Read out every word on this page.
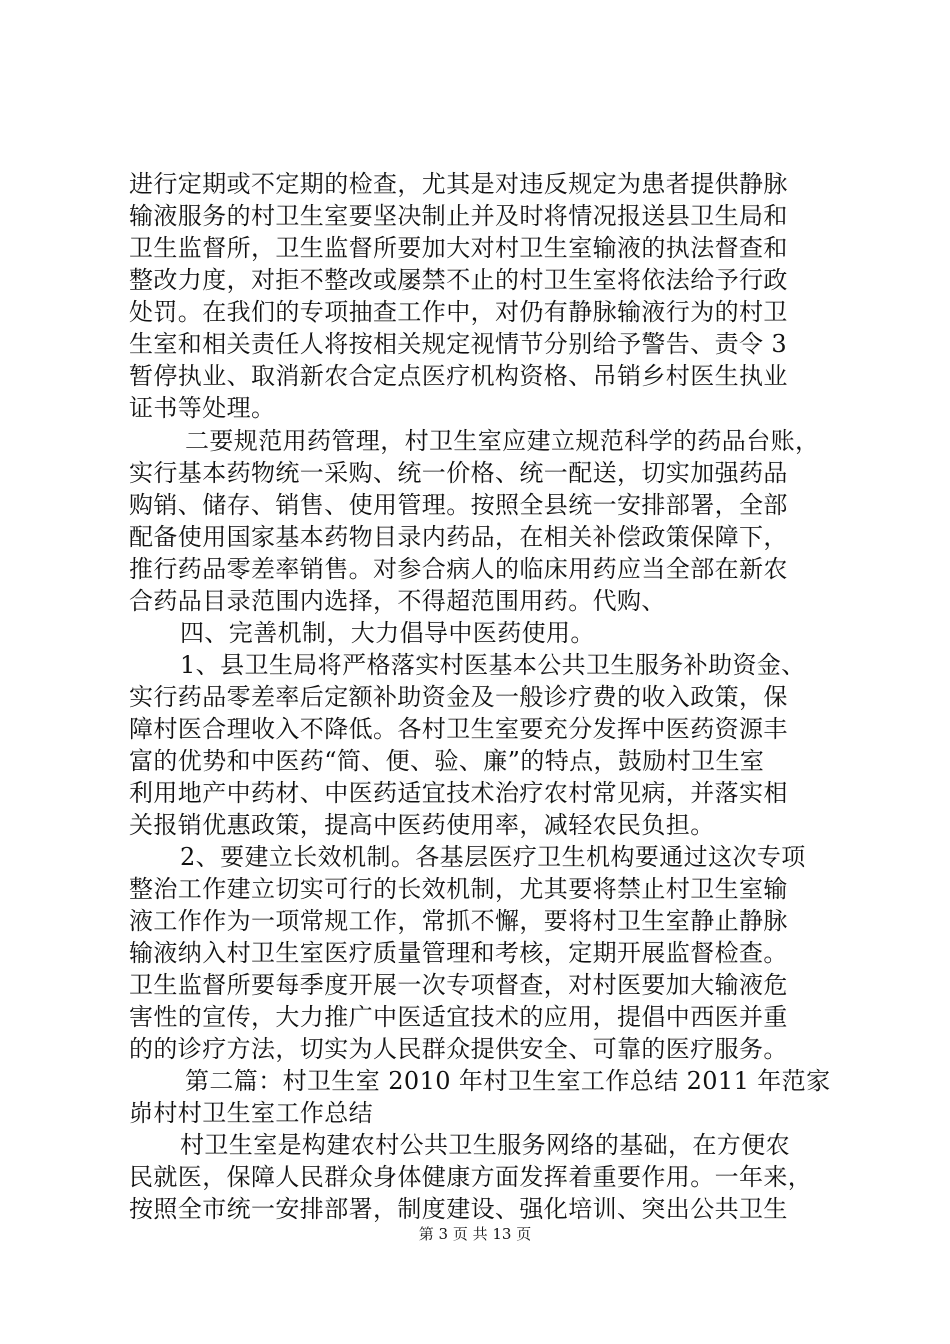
进行定期或不定期的检查，尤其是对违反规定为患者提供静脉
输液服务的村卫生室要坚决制止并及时将情况报送县卫生局和
卫生监督所，卫生监督所要加大对村卫生室输液的执法督查和
整改力度，对拒不整改或屡禁不止的村卫生室将依法给予行政
处罚。在我们的专项抽查工作中，对仍有静脉输液行为的村卫
生室和相关责任人将按相关规定视情节分别给予警告、责令 3
暂停执业、取消新农合定点医疗机构资格、吊销乡村医生执业
证书等处理。
二要规范用药管理，村卫生室应建立规范科学的药品台账，
实行基本药物统一采购、统一价格、统一配送，切实加强药品
购销、储存、销售、使用管理。按照全县统一安排部署，全部
配备使用国家基本药物目录内药品，在相关补偿政策保障下，
推行药品零差率销售。对参合病人的临床用药应当全部在新农
合药品目录范围内选择，不得超范围用药。代购、
四、完善机制，大力倡导中医药使用。
1、县卫生局将严格落实村医基本公共卫生服务补助资金、
实行药品零差率后定额补助资金及一般诊疗费的收入政策，保
障村医合理收入不降低。各村卫生室要充分发挥中医药资源丰
富的优势和中医药“简、便、验、廉”的特点，鼓励村卫生室
利用地产中药材、中医药适宜技术治疗农村常见病，并落实相
关报销优惠政策，提高中医药使用率，减轻农民负担。
2、要建立长效机制。各基层医疗卫生机构要通过这次专项
整治工作建立切实可行的长效机制，尤其要将禁止村卫生室输
液工作作为一项常规工作，常抓不懈，要将村卫生室静止静脉
输液纳入村卫生室医疗质量管理和考核，定期开展监督检查。
卫生监督所要每季度开展一次专项督查，对村医要加大输液危
害性的宣传，大力推广中医适宜技术的应用，提倡中西医并重
的的诊疗方法，切实为人民群众提供安全、可靠的医疗服务。
第二篇：村卫生室 2010 年村卫生室工作总结 2011 年范家
峁村村卫生室工作总结
村卫生室是构建农村公共卫生服务网络的基础，在方便农
民就医，保障人民群众身体健康方面发挥着重要作用。一年来，
按照全市统一安排部署，制度建设、强化培训、突出公共卫生
第 3 页 共 13 页
